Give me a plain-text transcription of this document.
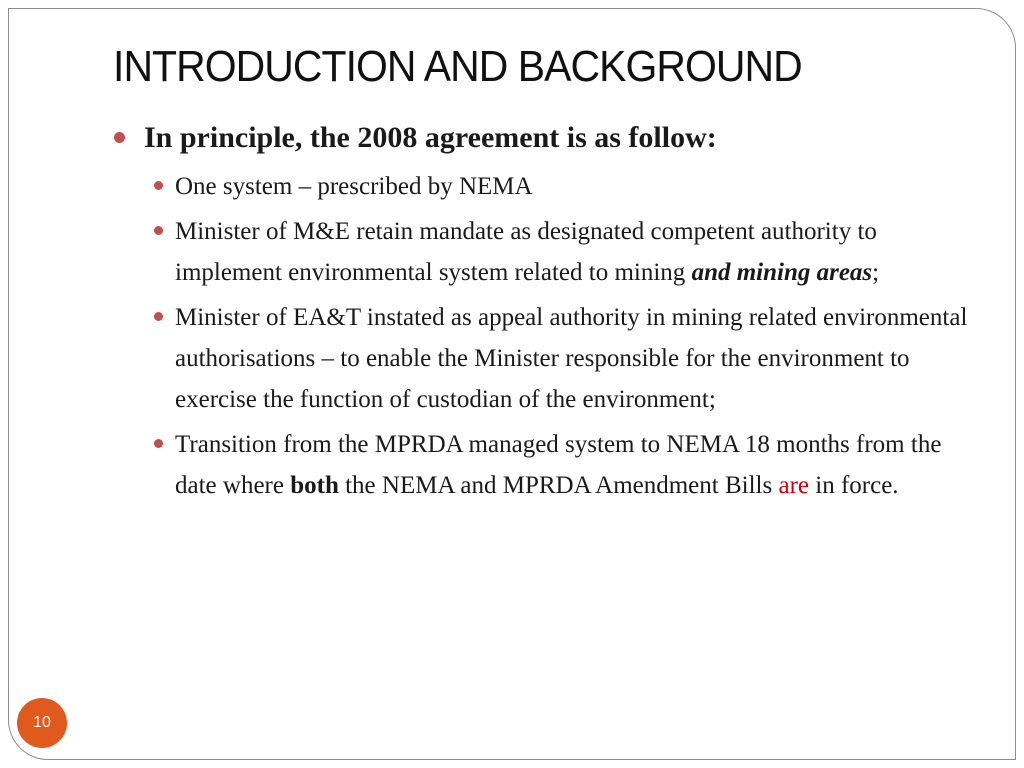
INTRODUCTION AND BACKGROUND
In principle, the 2008 agreement is as follow:
One system – prescribed by NEMA
Minister of M&E retain mandate as designated competent authority to implement environmental system related to mining and mining areas;
Minister of EA&T instated as appeal authority in mining related environmental authorisations – to enable the Minister responsible for the environment to exercise the function of custodian of the environment;
Transition from the MPRDA managed system to NEMA 18 months from the date where both the NEMA and MPRDA Amendment Bills are in force.
10
